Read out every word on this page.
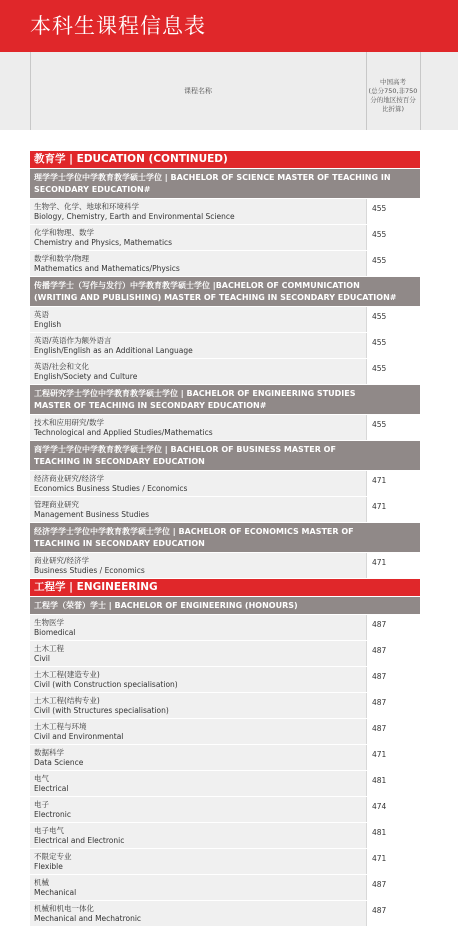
本科生课程信息表
课程名称
中国高考
(总分750,非750
分的地区按百分
比折算)
教育学 | EDUCATION (CONTINUED)
理学学士学位中学教育教学硕士学位 | BACHELOR OF SCIENCE MASTER OF TEACHING IN
SECONDARY EDUCATION#
生物学、化学、地球和环境科学
Biology, Chemistry, Earth and Environmental Science
455
化学和物理、数学
Chemistry and Physics, Mathematics
455
数学和数学/物理
Mathematics and Mathematics/Physics
455
传播学学士（写作与发行）中学教育教学硕士学位 |BACHELOR OF COMMUNICATION
(WRITING AND PUBLISHING) MASTER OF TEACHING IN SECONDARY EDUCATION#
英语
English
455
英语/英语作为额外语言
English/English as an Additional Language
455
英语/社会和文化
English/Society and Culture
455
工程研究学士学位中学教育教学硕士学位 | BACHELOR OF ENGINEERING STUDIES
MASTER OF TEACHING IN SECONDARY EDUCATION#
技术和应用研究/数学
Technological and Applied Studies/Mathematics
455
商学学士学位中学教育教学硕士学位 | BACHELOR OF BUSINESS MASTER OF
TEACHING IN SECONDARY EDUCATION
经济商业研究/经济学
Economics Business Studies / Economics
471
管理商业研究
Management Business Studies
471
经济学学士学位中学教育教学硕士学位 | BACHELOR OF ECONOMICS MASTER OF
TEACHING IN SECONDARY EDUCATION
商业研究/经济学
Business Studies / Economics
471
工程学 | ENGINEERING
工程学（荣誉）学士 | BACHELOR OF ENGINEERING (HONOURS)
生物医学
Biomedical
487
土木工程
Civil
487
土木工程(建造专业)
Civil (with Construction specialisation)
487
土木工程(结构专业)
Civil (with Structures specialisation)
487
土木工程与环境
Civil and Environmental
487
数据科学
Data Science
471
电气
Electrical
481
电子
Electronic
474
电子电气
Electrical and Electronic
481
不限定专业
Flexible
471
机械
Mechanical
487
机械和机电一体化
Mechanical and Mechatronic
487
